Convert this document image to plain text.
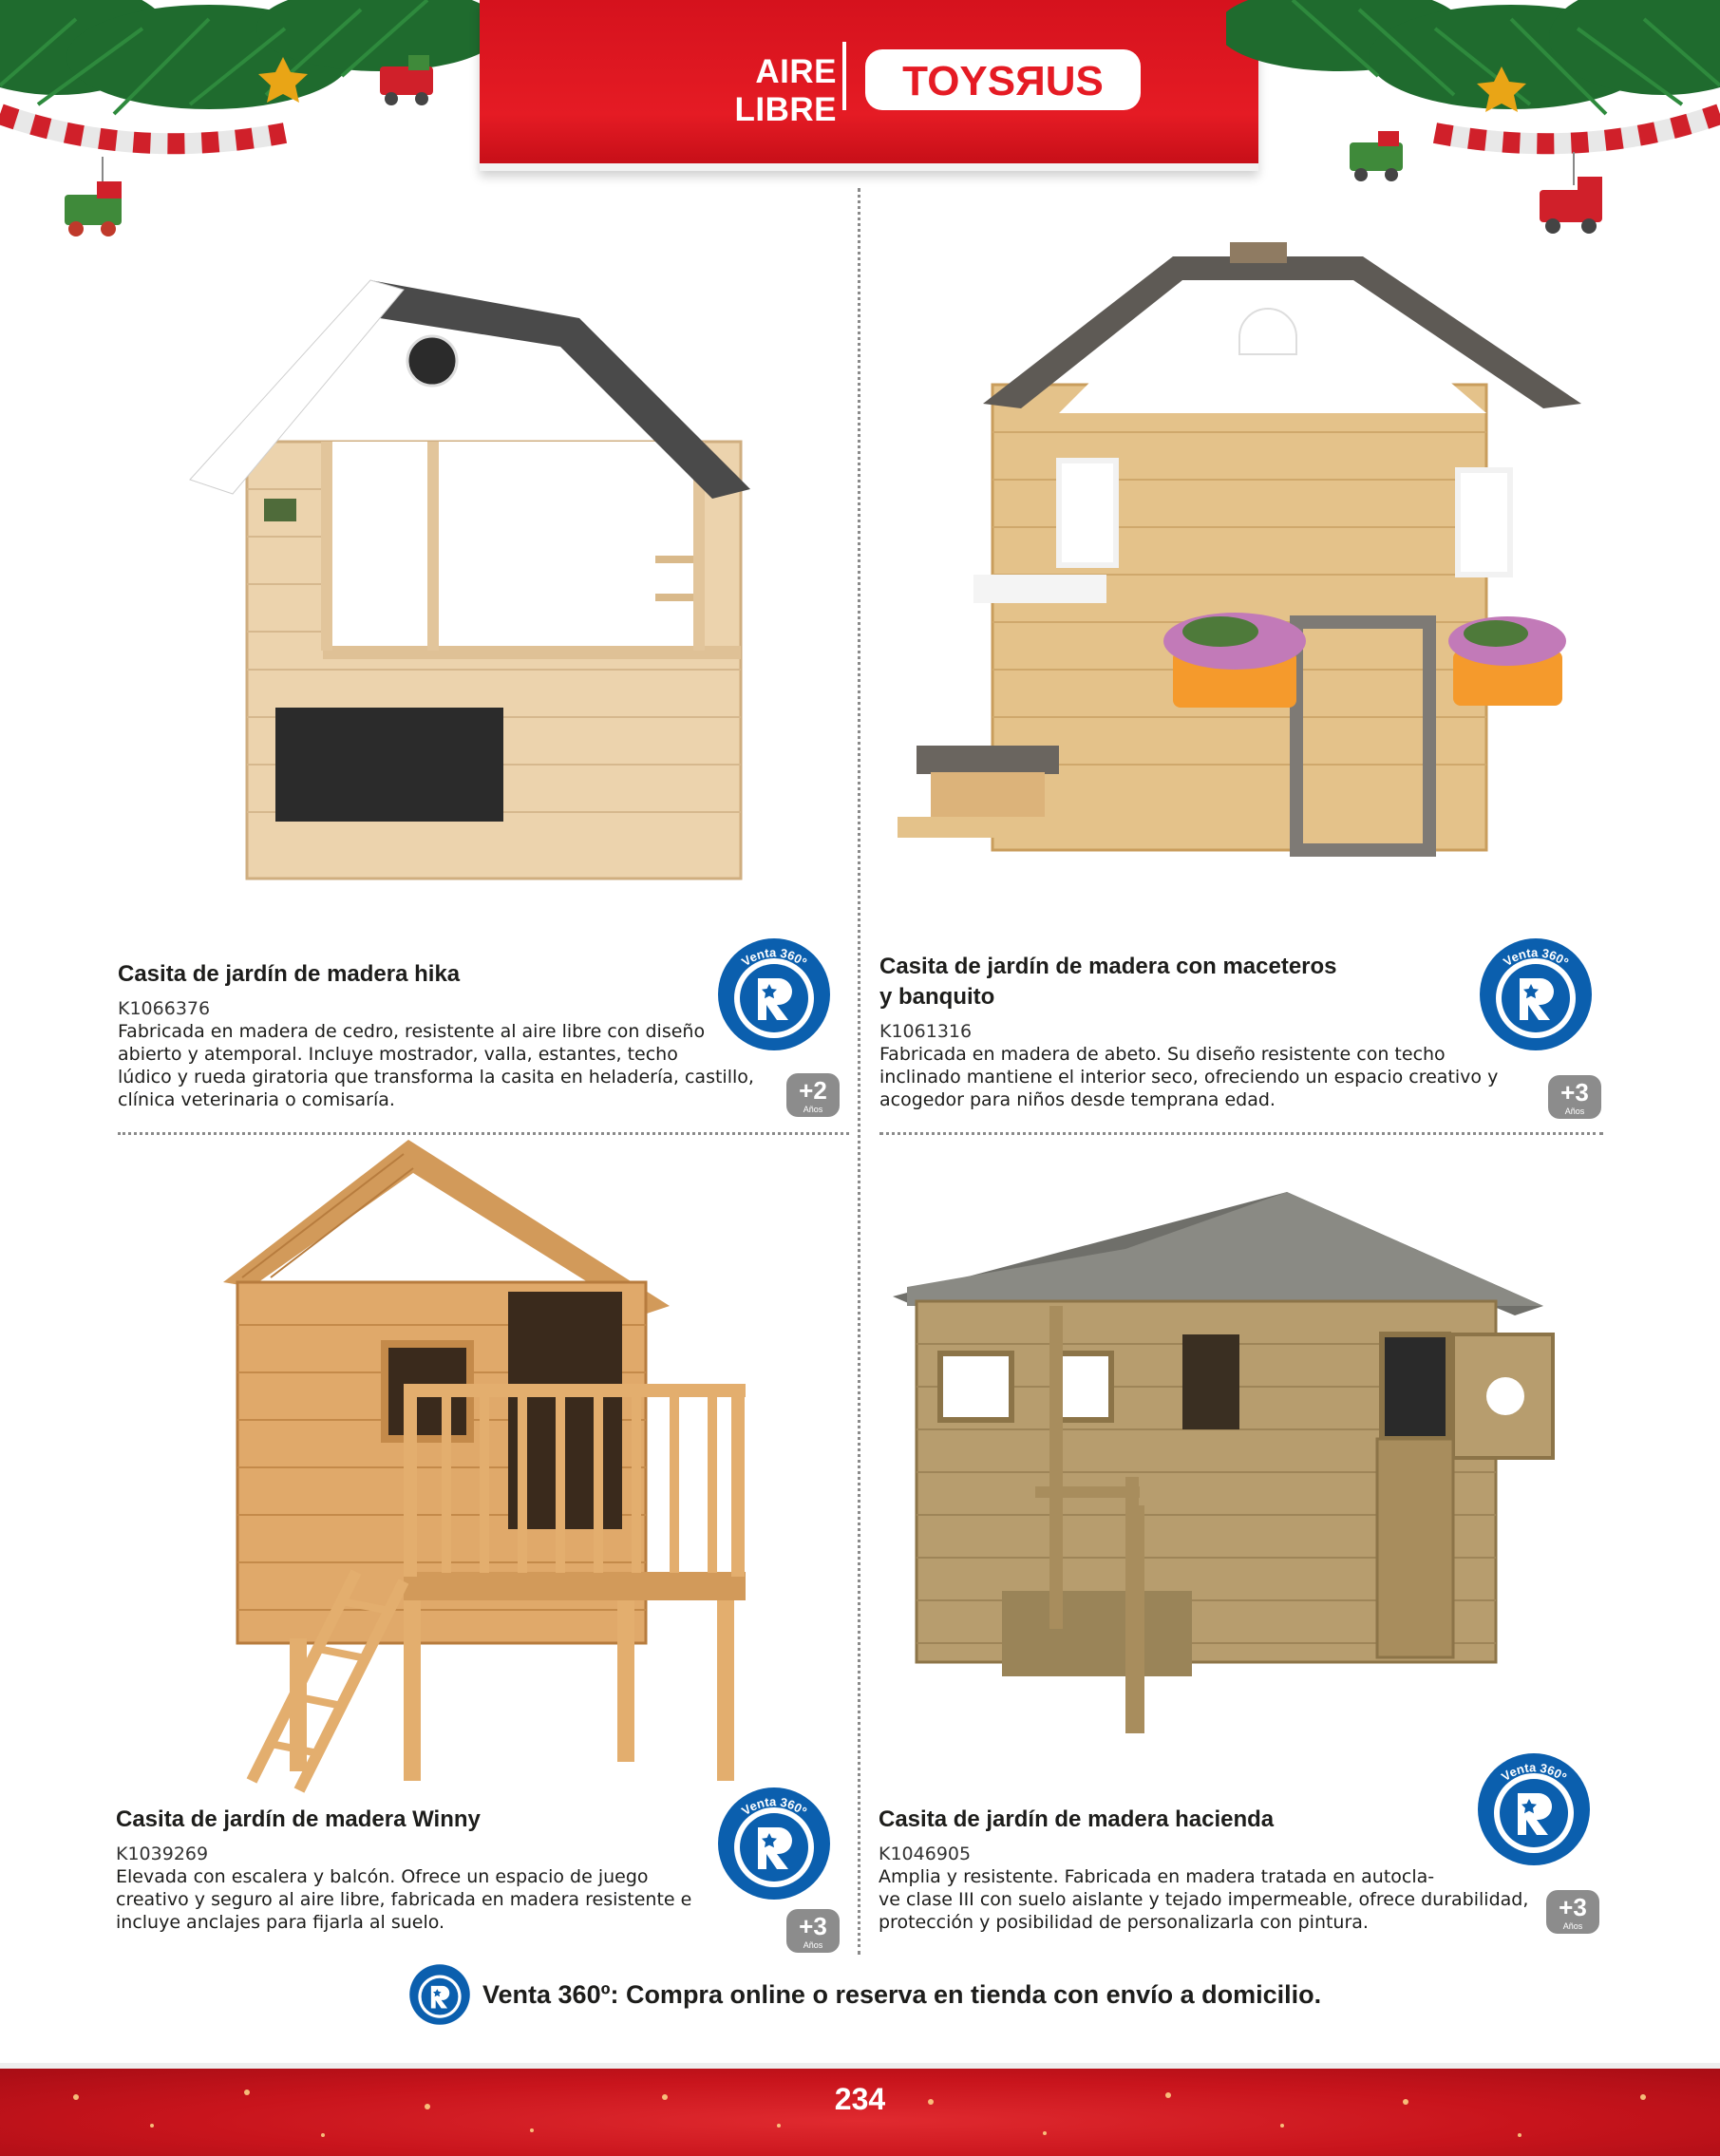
AIRE LIBRE
TOYSЯUS
Casita de jardín de madera hika
K1066376
Fabricada en madera de cedro, resistente al aire libre con diseño
abierto y atemporal. Incluye mostrador, valla, estantes, techo
lúdico y rueda giratoria que transforma la casita en heladería, castillo,
clínica veterinaria o comisaría.
Venta 360º
+2
Años
Casita de jardín de madera con maceteros
y banquito
K1061316
Fabricada en madera de abeto. Su diseño resistente con techo
inclinado mantiene el interior seco, ofreciendo un espacio creativo y
acogedor para niños desde temprana edad.
Venta 360º
+3
Años
Casita de jardín de madera Winny
K1039269
Elevada con escalera y balcón. Ofrece un espacio de juego
creativo y seguro al aire libre, fabricada en madera resistente e
incluye anclajes para fijarla al suelo.
Venta 360º
+3
Años
Casita de jardín de madera hacienda
K1046905
Amplia y resistente. Fabricada en madera tratada en autocla-
ve clase III con suelo aislante y tejado impermeable, ofrece durabilidad,
protección y posibilidad de personalizarla con pintura.
Venta 360º
+3
Años
Venta 360º: Compra online o reserva en tienda con envío a domicilio.
234
